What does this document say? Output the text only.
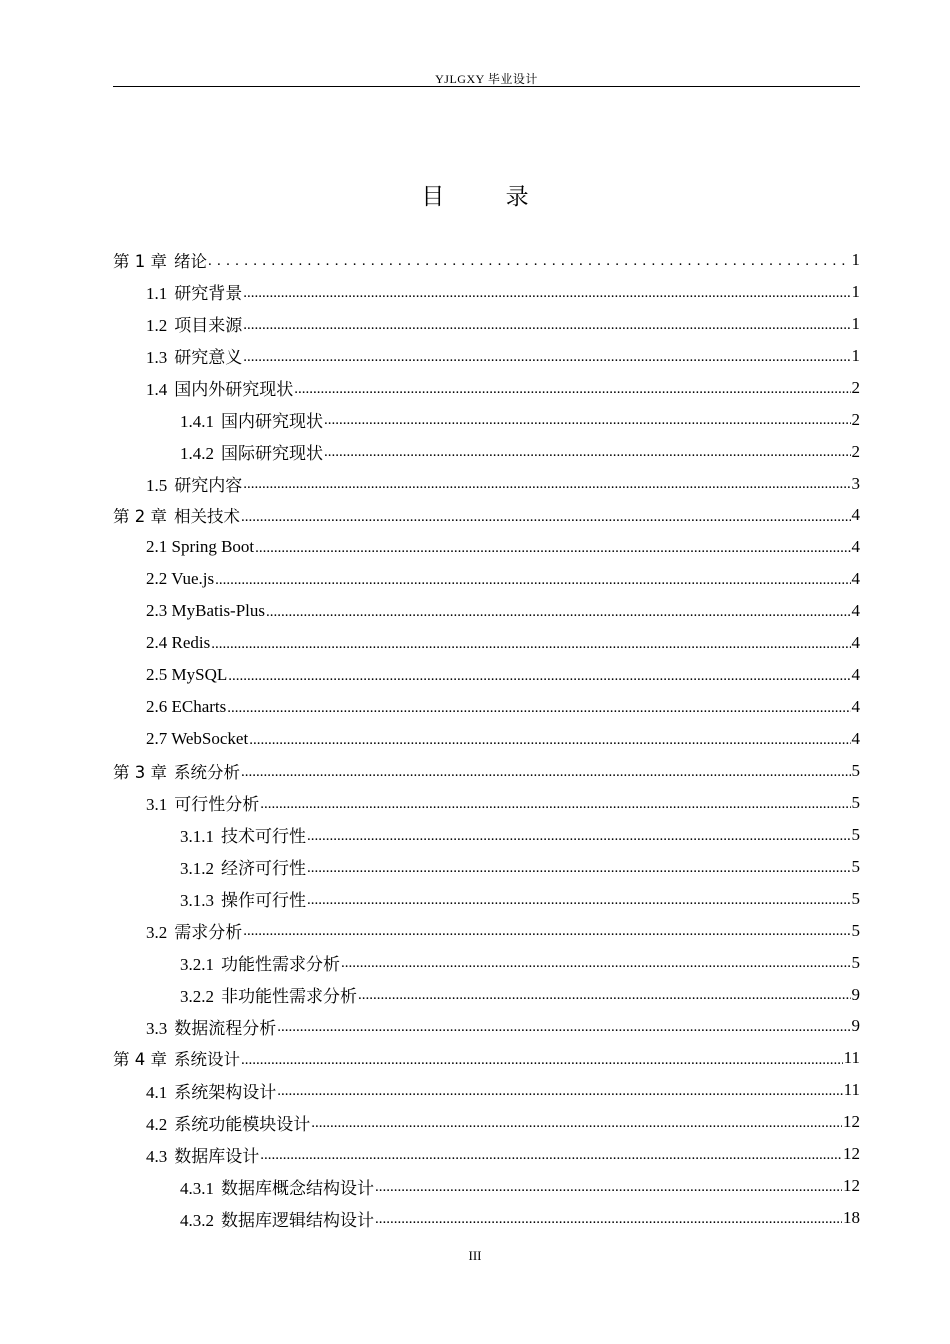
YJLGXY 毕业设计
目	录
第 1 章 绪论 .....	1
1.1 研究背景 .....	1
1.2 项目来源 .....	1
1.3 研究意义 .....	1
1.4 国内外研究现状 .....	2
1.4.1 国内研究现状 .....	2
1.4.2 国际研究现状 .....	2
1.5 研究内容 .....	3
第 2 章 相关技术 .....	4
2.1 Spring Boot .....	4
2.2 Vue.js .....	4
2.3 MyBatis-Plus .....	4
2.4 Redis .....	4
2.5 MySQL .....	4
2.6 ECharts .....	4
2.7 WebSocket .....	4
第 3 章 系统分析 .....	5
3.1 可行性分析 .....	5
3.1.1 技术可行性 .....	5
3.1.2 经济可行性 .....	5
3.1.3 操作可行性 .....	5
3.2 需求分析 .....	5
3.2.1 功能性需求分析 .....	5
3.2.2 非功能性需求分析 .....	9
3.3 数据流程分析 .....	9
第 4 章 系统设计 .....	11
4.1 系统架构设计 .....	11
4.2 系统功能模块设计 .....	12
4.3 数据库设计 .....	12
4.3.1 数据库概念结构设计 .....	12
4.3.2 数据库逻辑结构设计 .....	18
III
